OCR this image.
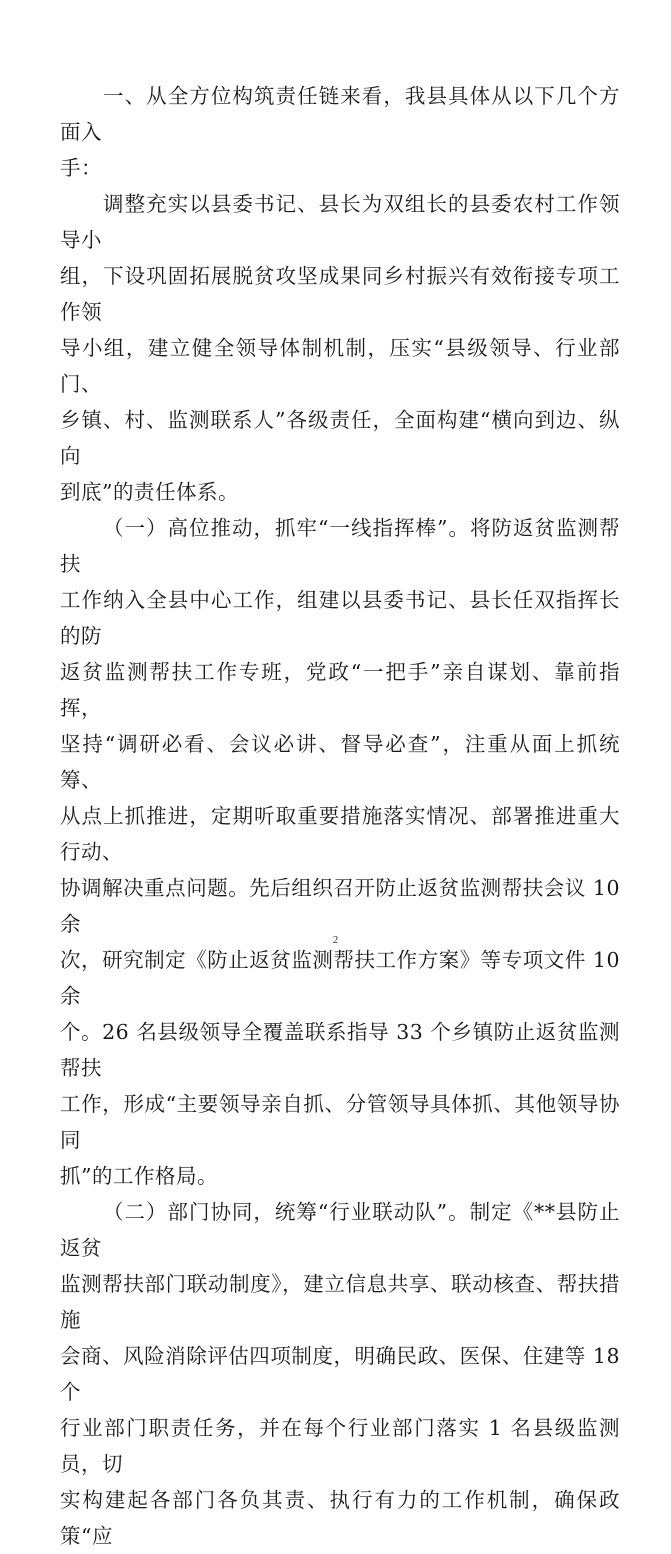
一、从全方位构筑责任链来看，我县具体从以下几个方面入
手：

调整充实以县委书记、县长为双组长的县委农村工作领导小
组，下设巩固拓展脱贫攻坚成果同乡村振兴有效衔接专项工作领
导小组，建立健全领导体制机制，压实“县级领导、行业部门、
乡镇、村、监测联系人”各级责任，全面构建“横向到边、纵向
到底”的责任体系。

（一）高位推动，抓牢“一线指挥棒”。将防返贫监测帮扶
工作纳入全县中心工作，组建以县委书记、县长任双指挥长的防
返贫监测帮扶工作专班，党政“一把手”亲自谋划、靠前指挥，
坚持“调研必看、会议必讲、督导必查”，注重从面上抓统筹、
从点上抓推进，定期听取重要措施落实情况、部署推进重大行动、
协调解决重点问题。先后组织召开防止返贫监测帮扶会议 10 余
次，研究制定《防止返贫监测帮扶工作方案》等专项文件 10 余
个。26 名县级领导全覆盖联系指导 33 个乡镇防止返贫监测帮扶
工作，形成“主要领导亲自抓、分管领导具体抓、其他领导协同
抓”的工作格局。

（二）部门协同，统筹“行业联动队”。制定《**县防止返贫
监测帮扶部门联动制度》，建立信息共享、联动核查、帮扶措施
会商、风险消除评估四项制度，明确民政、医保、住建等 18 个
行业部门职责任务，并在每个行业部门落实 1 名县级监测员，切
实构建起各部门各负其责、执行有力的工作机制，确保政策“应

2
